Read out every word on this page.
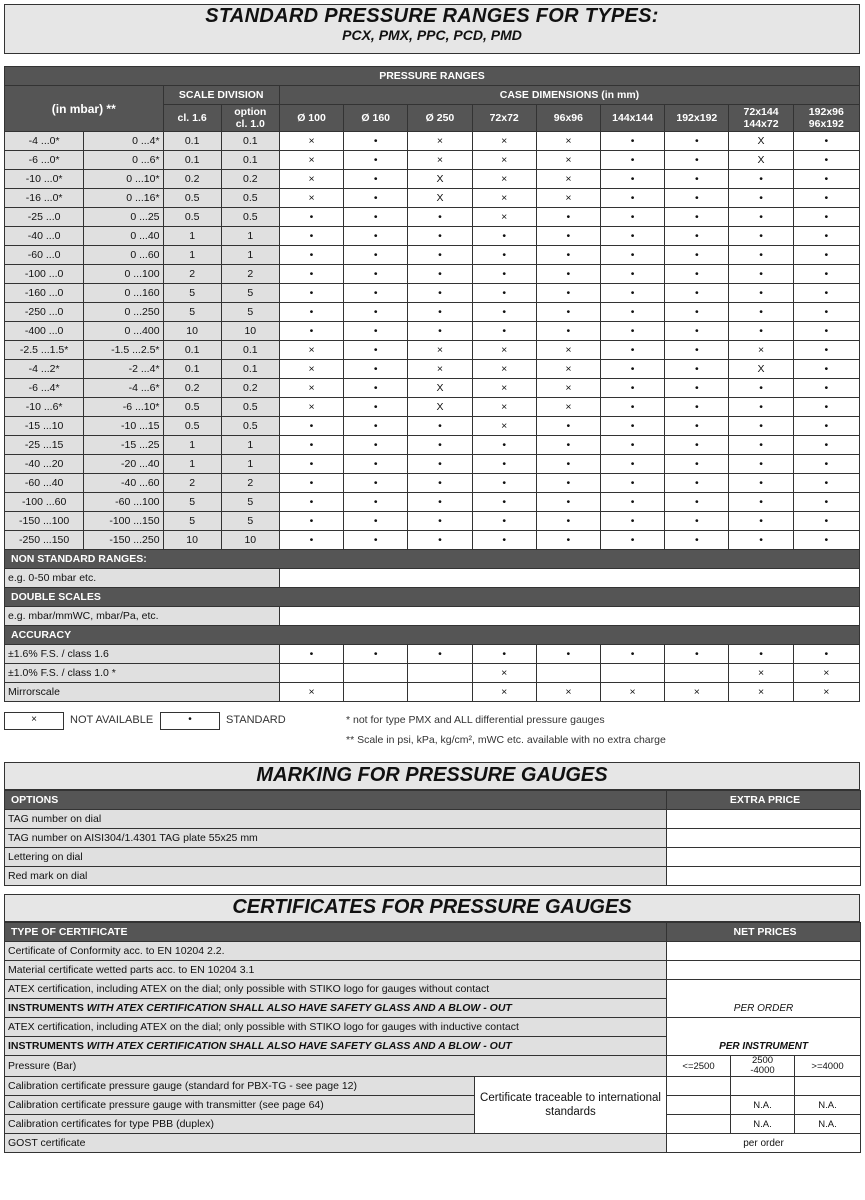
STANDARD PRESSURE RANGES FOR TYPES:
PCX, PMX, PPC, PCD, PMD
PRESSURE RANGES												
(in mbar) **		SCALE DIVISION		CASE DIMENSIONS (in mm)								
		cl. 1.6	option cl. 1.0	Ø 100	Ø 160	Ø 250	72x72	96x96	144x144	192x192	72x144 144x72	192x96 96x192
-4 ...0*	0 ...4*	0.1	0.1	×	•	×	×	×	•	•	X	•
-6 ...0*	0 ...6*	0.1	0.1	×	•	×	×	×	•	•	X	•
-10 ...0*	0 ...10*	0.2	0.2	×	•	X	×	×	•	•	•	•
-16 ...0*	0 ...16*	0.5	0.5	×	•	X	×	×	•	•	•	•
-25 ...0	0 ...25	0.5	0.5	•	•	•	×	•	•	•	•	•
-40 ...0	0 ...40	1	1	•	•	•	•	•	•	•	•	•
-60 ...0	0 ...60	1	1	•	•	•	•	•	•	•	•	•
-100 ...0	0 ...100	2	2	•	•	•	•	•	•	•	•	•
-160 ...0	0 ...160	5	5	•	•	•	•	•	•	•	•	•
-250 ...0	0 ...250	5	5	•	•	•	•	•	•	•	•	•
-400 ...0	0 ...400	10	10	•	•	•	•	•	•	•	•	•
-2.5 ...1.5*	-1.5 ...2.5*	0.1	0.1	×	•	×	×	×	•	•	×	•
-4 ...2*	-2 ...4*	0.1	0.1	×	•	×	×	×	•	•	X	•
-6 ...4*	-4 ...6*	0.2	0.2	×	•	X	×	×	•	•	•	•
-10 ...6*	-6 ...10*	0.5	0.5	×	•	X	×	×	•	•	•	•
-15 ...10	-10 ...15	0.5	0.5	•	•	•	×	•	•	•	•	•
-25 ...15	-15 ...25	1	1	•	•	•	•	•	•	•	•	•
-40 ...20	-20 ...40	1	1	•	•	•	•	•	•	•	•	•
-60 ...40	-40 ...60	2	2	•	•	•	•	•	•	•	•	•
-100 ...60	-60 ...100	5	5	•	•	•	•	•	•	•	•	•
-150 ...100	-100 ...150	5	5	•	•	•	•	•	•	•	•	•
-250 ...150	-150 ...250	10	10	•	•	•	•	•	•	•	•	•
NON STANDARD RANGES:												
e.g. 0-50 mbar etc.												
DOUBLE SCALES												
e.g. mbar/mmWC, mbar/Pa, etc.												
ACCURACY												
±1.6% F.S. / class 1.6				•	•	•	•	•	•	•	•	•
±1.0% F.S. / class 1.0 *							×				×	×
Mirrorscale				×			×	×	×	×	×	×
×	NOT AVAILABLE	•	STANDARD	* not for type PMX and ALL differential pressure gauges
** Scale in psi, kPa, kg/cm², mWC etc. available with no extra charge
MARKING FOR PRESSURE GAUGES
OPTIONS	EXTRA PRICE
TAG number on dial	
TAG number on AISI304/1.4301 TAG plate 55x25 mm	
Lettering on dial	
Red mark on dial	
CERTIFICATES FOR PRESSURE GAUGES
TYPE OF CERTIFICATE		NET PRICES		
Certificate of Conformity acc. to EN 10204 2.2.				
Material certificate wetted parts acc. to EN 10204 3.1				
ATEX certification, including ATEX on the dial; only possible with STIKO logo for gauges without contact		PER ORDER		
INSTRUMENTS WITH ATEX CERTIFICATION SHALL ALSO HAVE SAFETY GLASS AND A BLOW - OUT				
ATEX certification, including ATEX on the dial; only possible with STIKO logo for gauges with inductive contact		PER INSTRUMENT		
INSTRUMENTS WITH ATEX CERTIFICATION SHALL ALSO HAVE SAFETY GLASS AND A BLOW - OUT				
Pressure (Bar)		<=2500	2500 -4000	>=4000
Calibration certificate pressure gauge (standard for PBX-TG - see page 12)	Certificate traceable to international standards			
Calibration certificate pressure gauge with transmitter (see page 64)			N.A.	N.A.
Calibration certificates for type PBB (duplex)			N.A.	N.A.
GOST certificate		per order		
